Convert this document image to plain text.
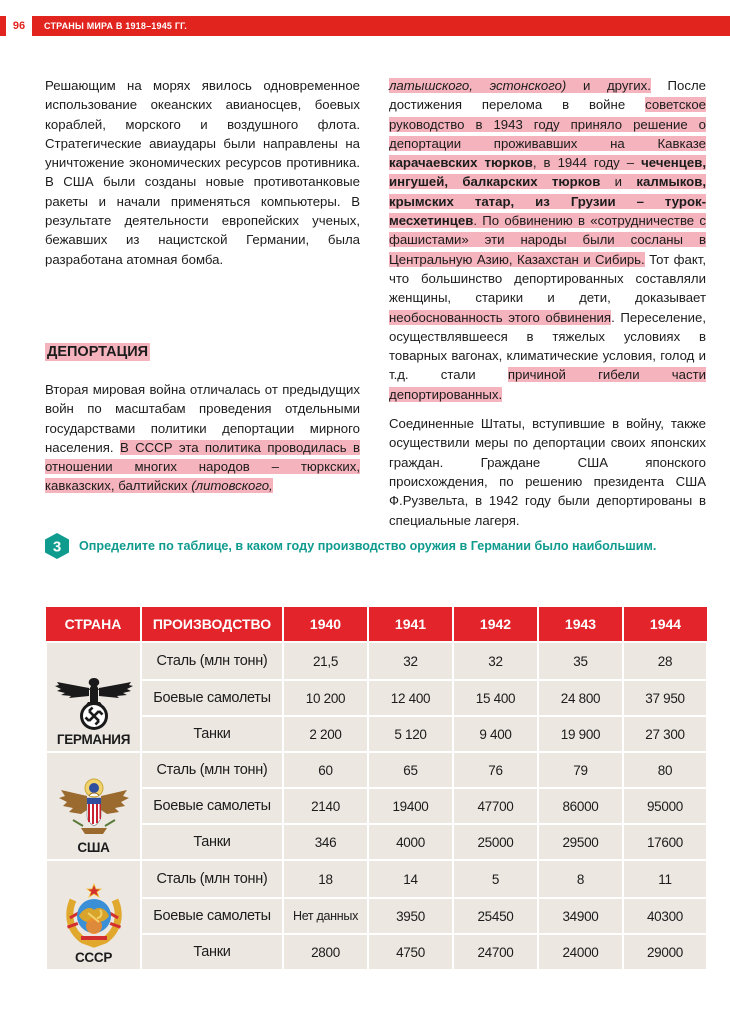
96	СТРАНЫ МИРА В 1918–1945 ГГ.

Решающим на морях явилось одновременное использование океанских авианосцев, боевых кораблей, морского и воздушного флота. Стратегические авиаудары были направлены на уничтожение экономических ресурсов противника. В США были созданы новые противотанковые ракеты и начали применяться компьютеры. В результате деятельности европейских ученых, бежавших из нацистской Германии, была разработана атомная бомба.

ДЕПОРТАЦИЯ

Вторая мировая война отличалась от предыдущих войн по масштабам проведения отдельными государствами политики депортации мирного населения. В СССР эта политика проводилась в отношении многих народов – тюркских, кавказских, балтийских (литовского,

латышского, эстонского) и других. После достижения перелома в войне советское руководство в 1943 году приняло решение о депортации проживавших на Кавказе карачаевских тюрков, в 1944 году – чеченцев, ингушей, балкарских тюрков и калмыков, крымских татар, из Грузии – турок-месхетинцев. По обвинению в «сотрудничестве с фашистами» эти народы были сосланы в Центральную Азию, Казахстан и Сибирь. Тот факт, что большинство депортированных составляли женщины, старики и дети, доказывает необоснованность этого обвинения. Переселение, осуществлявшееся в тяжелых условиях в товарных вагонах, климатические условия, голод и т.д. стали причиной гибели части депортированных.

Соединенные Штаты, вступившие в войну, также осуществили меры по депортации своих японских граждан. Граждане США японского происхождения, по решению президента США Ф.Рузвельта, в 1942 году были депортированы в специальные лагеря.

3 Определите по таблице, в каком году производство оружия в Германии было наибольшим.
СТРАНА	ПРОИЗВОДСТВО	1940	1941	1942	1943	1944

ГЕРМАНИЯ	Сталь (млн тонн)	21,5	32	32	35	28
	Боевые самолеты	10 200	12 400	15 400	24 800	37 950
	Танки	2 200	5 120	9 400	19 900	27 300

США	Сталь (млн тонн)	60	65	76	79	80
	Боевые самолеты	2140	19400	47700	86000	95000
	Танки	346	4000	25000	29500	17600

СССР	Сталь (млн тонн)	18	14	5	8	11
	Боевые самолеты	Нет данных	3950	25450	34900	40300
	Танки	2800	4750	24700	24000	29000
